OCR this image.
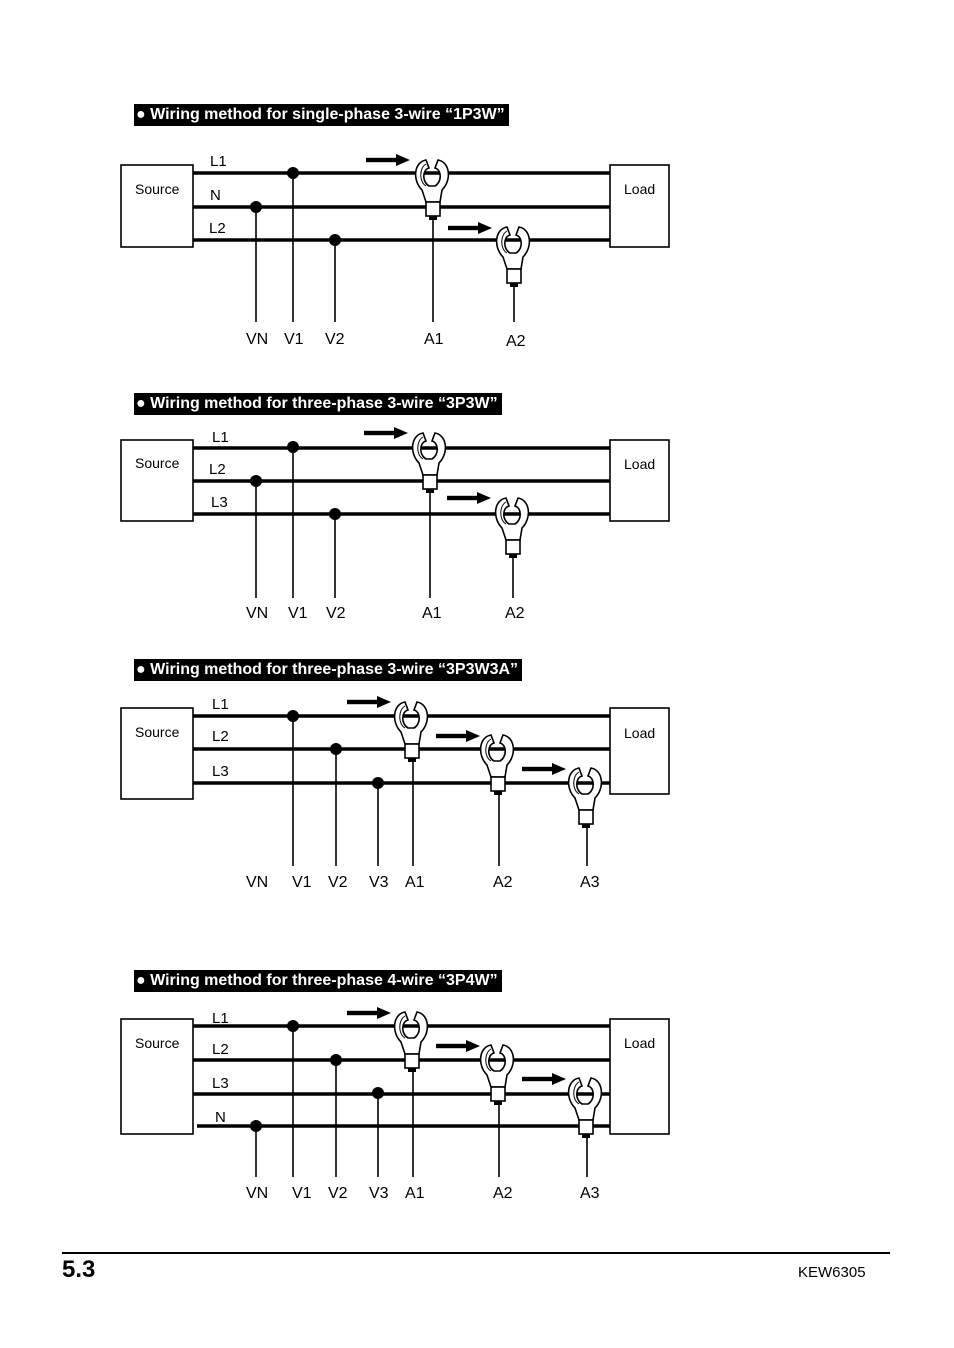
● Wiring method for single-phase 3-wire “1P3W”
● Wiring method for three-phase 3-wire “3P3W”
● Wiring method for three-phase 3-wire “3P3W3A”
● Wiring method for three-phase 4-wire “3P4W”
Source	Load
L1
N
L2
VN V1 V2	A1	A2
Source	Load
L1
L2
L3
VN V1 V2	A1	A2
Source	Load
L1
L2
L3
VN V1 V2 V3 A1	A2	A3
Source	Load
L1
L2
L3
N
VN V1 V2 V3 A1	A2	A3
5.3	KEW6305
